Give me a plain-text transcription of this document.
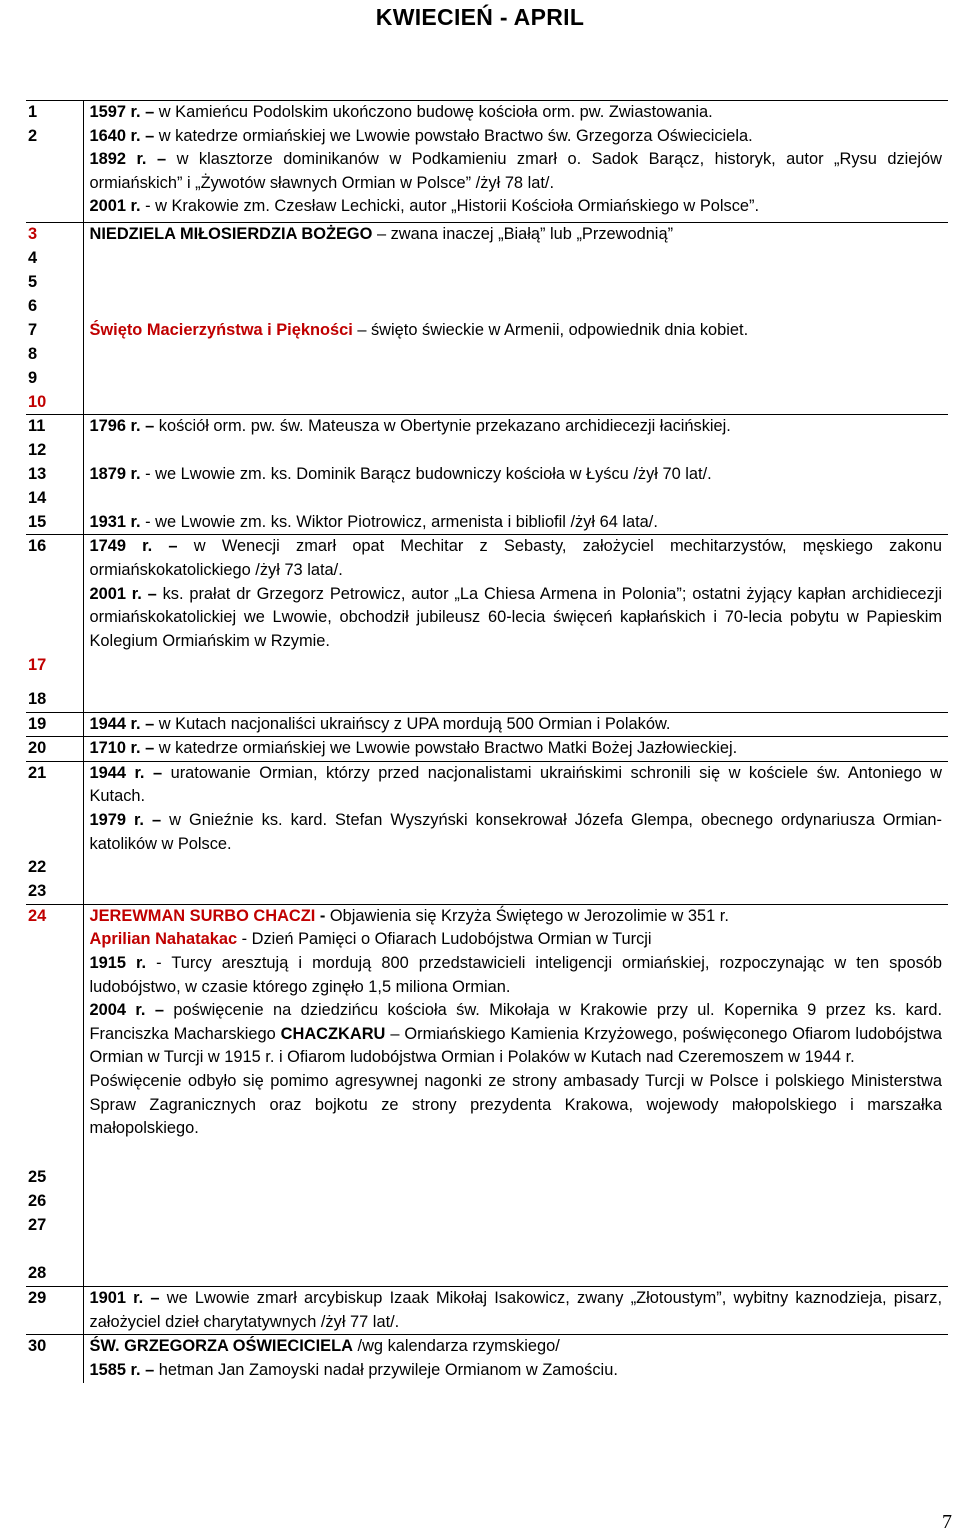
KWIECIEŃ - APRIL
1	1597 r. – w Kamieńcu Podolskim ukończono budowę kościoła orm. pw. Zwiastowania.

2	1640 r. – w katedrze ormiańskiej we Lwowie powstało Bractwo św. Grzegorza Oświeciciela.
1892 r. – w klasztorze dominikanów w Podkamieniu zmarł o. Sadok Barącz, historyk, autor „Rysu dziejów ormiańskich” i „Żywotów sławnych Ormian w Polsce” /żył 78 lat/.
2001 r. - w Krakowie zm. Czesław Lechicki, autor „Historii Kościoła Ormiańskiego w Polsce”.

3	NIEDZIELA MIŁOSIERDZIA BOŻEGO – zwana inaczej „Białą” lub „Przewodnią”

4	
5	
6	
7	Święto Macierzyństwa i Piękności – święto świeckie w Armenii, odpowiednik dnia kobiet.

8	
9	
10	
11	1796 r. – kościół orm. pw. św. Mateusza w Obertynie przekazano archidiecezji łacińskiej.

12	
13	1879 r. - we Lwowie zm. ks. Dominik Barącz budowniczy kościoła w Łyścu /żył 70 lat/.

14	
15	1931 r. - we Lwowie zm. ks. Wiktor Piotrowicz, armenista i bibliofil /żył 64 lata/.

16	1749 r. – w Wenecji zmarł opat Mechitar z Sebasty, założyciel mechitarzystów, męskiego zakonu ormiańskokatolickiego /żył 73 lata/.
2001 r. – ks. prałat dr Grzegorz Petrowicz, autor „La Chiesa Armena in Polonia”; ostatni żyjący kapłan archidiecezji ormiańskokatolickiej we Lwowie, obchodził jubileusz 60-lecia święceń kapłańskich i 70-lecia pobytu w Papieskim Kolegium Ormiańskim w Rzymie.

17	
18	
19	1944 r. – w Kutach nacjonaliści ukraińscy z UPA mordują 500 Ormian i Polaków.

20	1710 r. – w katedrze ormiańskiej we Lwowie powstało Bractwo Matki Bożej Jazłowieckiej.

21	1944 r. – uratowanie Ormian, którzy przed nacjonalistami ukraińskimi schronili się w kościele św. Antoniego w Kutach.
1979 r. – w Gnieźnie ks. kard. Stefan Wyszyński konsekrował Józefa Glempa, obecnego ordynariusza Ormian-katolików w Polsce.

22	
23	
24	JEREWMAN SURBO CHACZI - Objawienia się Krzyża Świętego w Jerozolimie w 351 r.
Aprilian Nahatakac - Dzień Pamięci o Ofiarach Ludobójstwa Ormian w Turcji
1915 r. - Turcy aresztują i mordują 800 przedstawicieli inteligencji ormiańskiej, rozpoczynając w ten sposób ludobójstwo, w czasie którego zginęło 1,5 miliona Ormian.
2004 r. – poświęcenie na dziedzińcu kościoła św. Mikołaja w Krakowie przy ul. Kopernika 9 przez ks. kard. Franciszka Macharskiego CHACZKARU – Ormiańskiego Kamienia Krzyżowego, poświęconego Ofiarom ludobójstwa Ormian w Turcji w 1915 r. i Ofiarom ludobójstwa Ormian i Polaków w Kutach nad Czeremoszem w 1944 r.
Poświęcenie odbyło się pomimo agresywnej nagonki ze strony ambasady Turcji w Polsce i polskiego Ministerstwa Spraw Zagranicznych oraz bojkotu ze strony prezydenta Krakowa, wojewody małopolskiego i marszałka małopolskiego.

25	
26	
27	
28	
29	1901 r. – we Lwowie zmarł arcybiskup Izaak Mikołaj Isakowicz, zwany „Złotoustym”, wybitny kaznodzieja, pisarz, założyciel dzieł charytatywnych /żył 77 lat/.

30	ŚW. GRZEGORZA OŚWIECICIELA /wg kalendarza rzymskiego/
1585 r. – hetman Jan Zamoyski nadał przywileje Ormianom w Zamościu.
7
